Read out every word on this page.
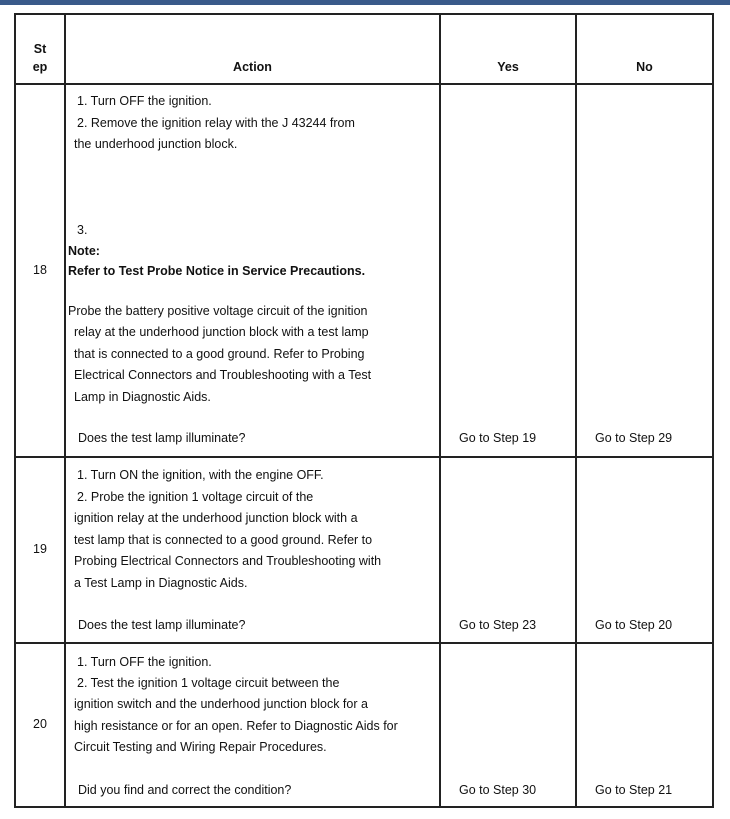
St
ep	Action	Yes	No
18
1. Turn OFF the ignition.
2. Remove the ignition relay with the J 43244 from
the underhood junction block.
3.
Note:
Refer to Test Probe Notice in Service Precautions.
Probe the battery positive voltage circuit of the ignition
relay at the underhood junction block with a test lamp
that is connected to a good ground. Refer to Probing
Electrical Connectors and Troubleshooting with a Test
Lamp in Diagnostic Aids.
Does the test lamp illuminate?	Go to Step 19	Go to Step 29
19
1. Turn ON the ignition, with the engine OFF.
2. Probe the ignition 1 voltage circuit of the
ignition relay at the underhood junction block with a
test lamp that is connected to a good ground. Refer to
Probing Electrical Connectors and Troubleshooting with
a Test Lamp in Diagnostic Aids.
Does the test lamp illuminate?	Go to Step 23	Go to Step 20
20
1. Turn OFF the ignition.
2. Test the ignition 1 voltage circuit between the
ignition switch and the underhood junction block for a
high resistance or for an open. Refer to Diagnostic Aids for
Circuit Testing and Wiring Repair Procedures.
Did you find and correct the condition?	Go to Step 30	Go to Step 21
